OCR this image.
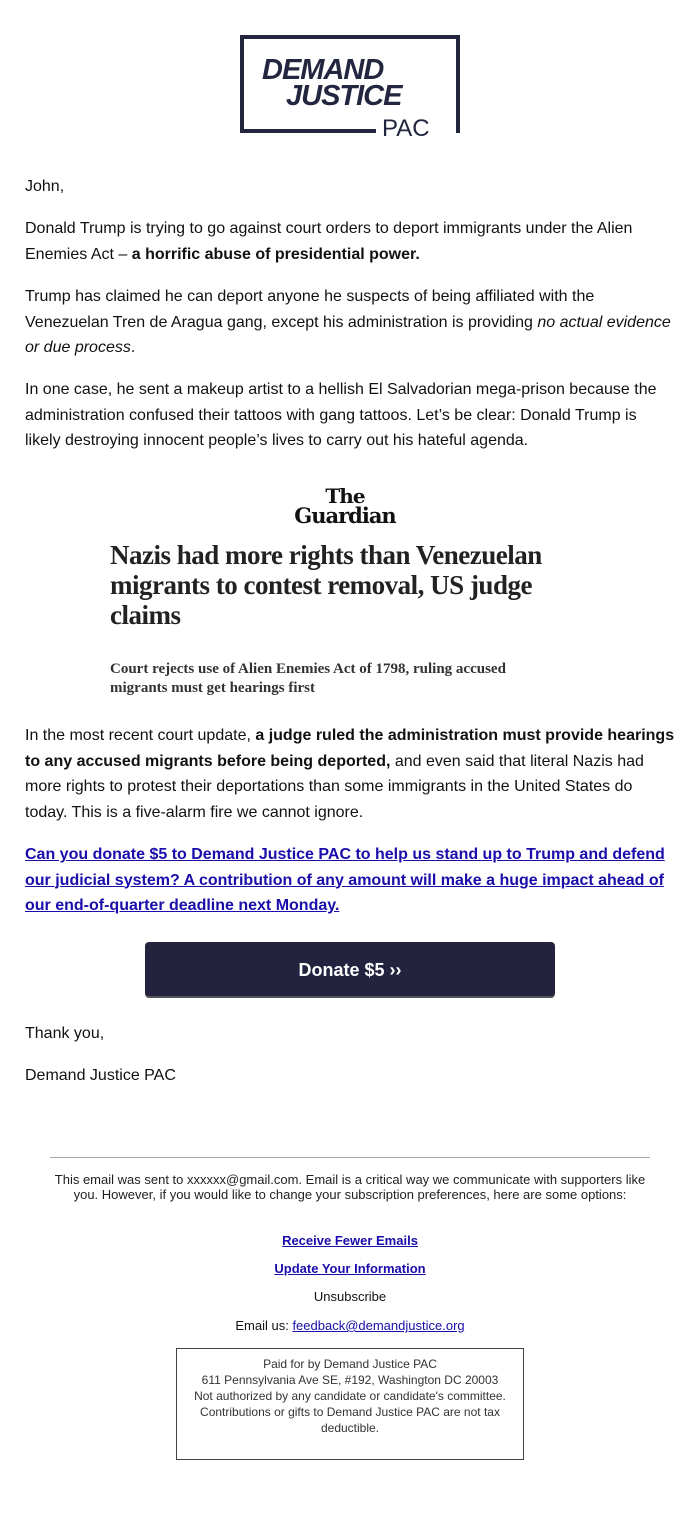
DEMAND
JUSTICE
PAC
John,
Donald Trump is trying to go against court orders to deport immigrants under the Alien Enemies Act – a horrific abuse of presidential power.
Trump has claimed he can deport anyone he suspects of being affiliated with the Venezuelan Tren de Aragua gang, except his administration is providing no actual evidence or due process.
In one case, he sent a makeup artist to a hellish El Salvadorian mega-prison because the administration confused their tattoos with gang tattoos. Let’s be clear: Donald Trump is likely destroying innocent people’s lives to carry out his hateful agenda.
The
Guardian
Nazis had more rights than Venezuelan migrants to contest removal, US judge claims
Court rejects use of Alien Enemies Act of 1798, ruling accused migrants must get hearings first
In the most recent court update, a judge ruled the administration must provide hearings to any accused migrants before being deported, and even said that literal Nazis had more rights to protest their deportations than some immigrants in the United States do today. This is a five-alarm fire we cannot ignore.
Can you donate $5 to Demand Justice PAC to help us stand up to Trump and defend our judicial system? A contribution of any amount will make a huge impact ahead of our end-of-quarter deadline next Monday.
Donate $5 ››
Thank you,
Demand Justice PAC
This email was sent to xxxxxx@gmail.com. Email is a critical way we communicate with supporters like you. However, if you would like to change your subscription preferences, here are some options:
Receive Fewer Emails
Update Your Information
Unsubscribe
Email us: feedback@demandjustice.org
Paid for by Demand Justice PAC
611 Pennsylvania Ave SE, #192, Washington DC 20003
Not authorized by any candidate or candidate's committee.
Contributions or gifts to Demand Justice PAC are not tax deductible.
